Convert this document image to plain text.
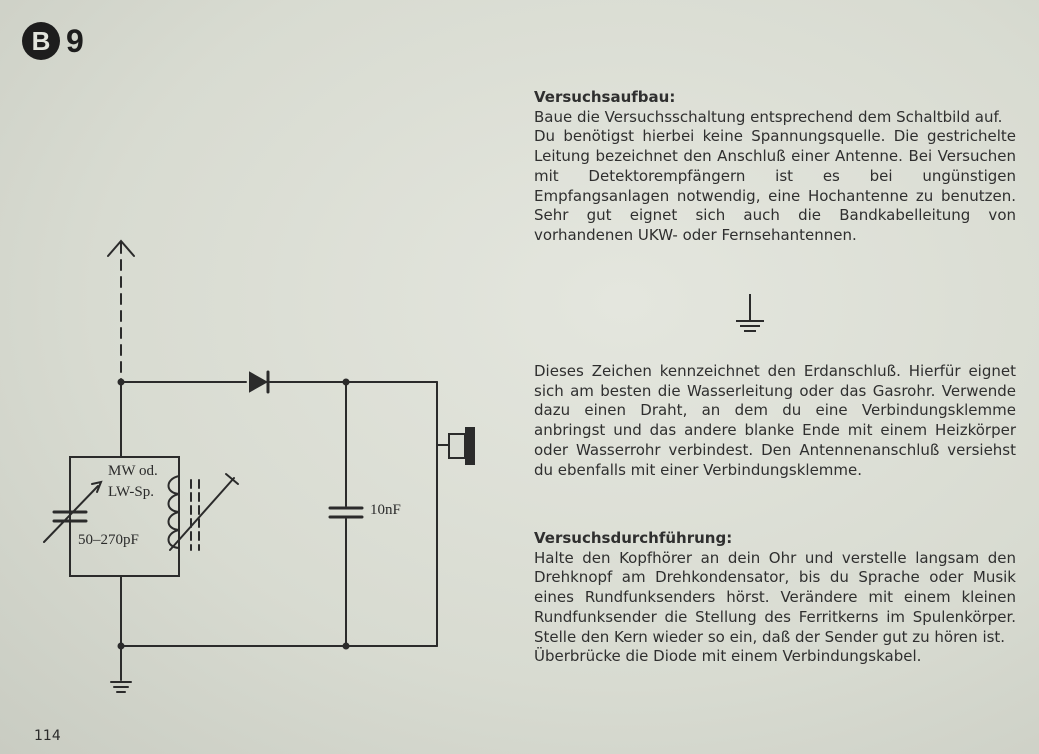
B 9
MW od.
LW-Sp.
50–270pF
10nF
Versuchsaufbau:
Baue die Versuchsschaltung entsprechend dem Schaltbild auf.
Du benötigst hierbei keine Spannungsquelle. Die gestrichelte Leitung bezeichnet den Anschluß einer Antenne. Bei Versuchen mit Detektorempfängern ist es bei ungünstigen Empfangsanlagen notwendig, eine Hochantenne zu benutzen. Sehr gut eignet sich auch die Bandkabelleitung von vorhandenen UKW- oder Fernsehantennen.
Dieses Zeichen kennzeichnet den Erdanschluß. Hierfür eignet sich am besten die Wasserleitung oder das Gasrohr. Verwende dazu einen Draht, an dem du eine Verbindungsklemme anbringst und das andere blanke Ende mit einem Heizkörper oder Wasserrohr verbindest. Den Antennenanschluß versiehst du ebenfalls mit einer Verbindungsklemme.
Versuchsdurchführung:
Halte den Kopfhörer an dein Ohr und verstelle langsam den Drehknopf am Drehkondensator, bis du Sprache oder Musik eines Rundfunksenders hörst. Verändere mit einem kleinen Rundfunksender die Stellung des Ferritkerns im Spulenkörper. Stelle den Kern wieder so ein, daß der Sender gut zu hören ist.
Überbrücke die Diode mit einem Verbindungskabel.
114
